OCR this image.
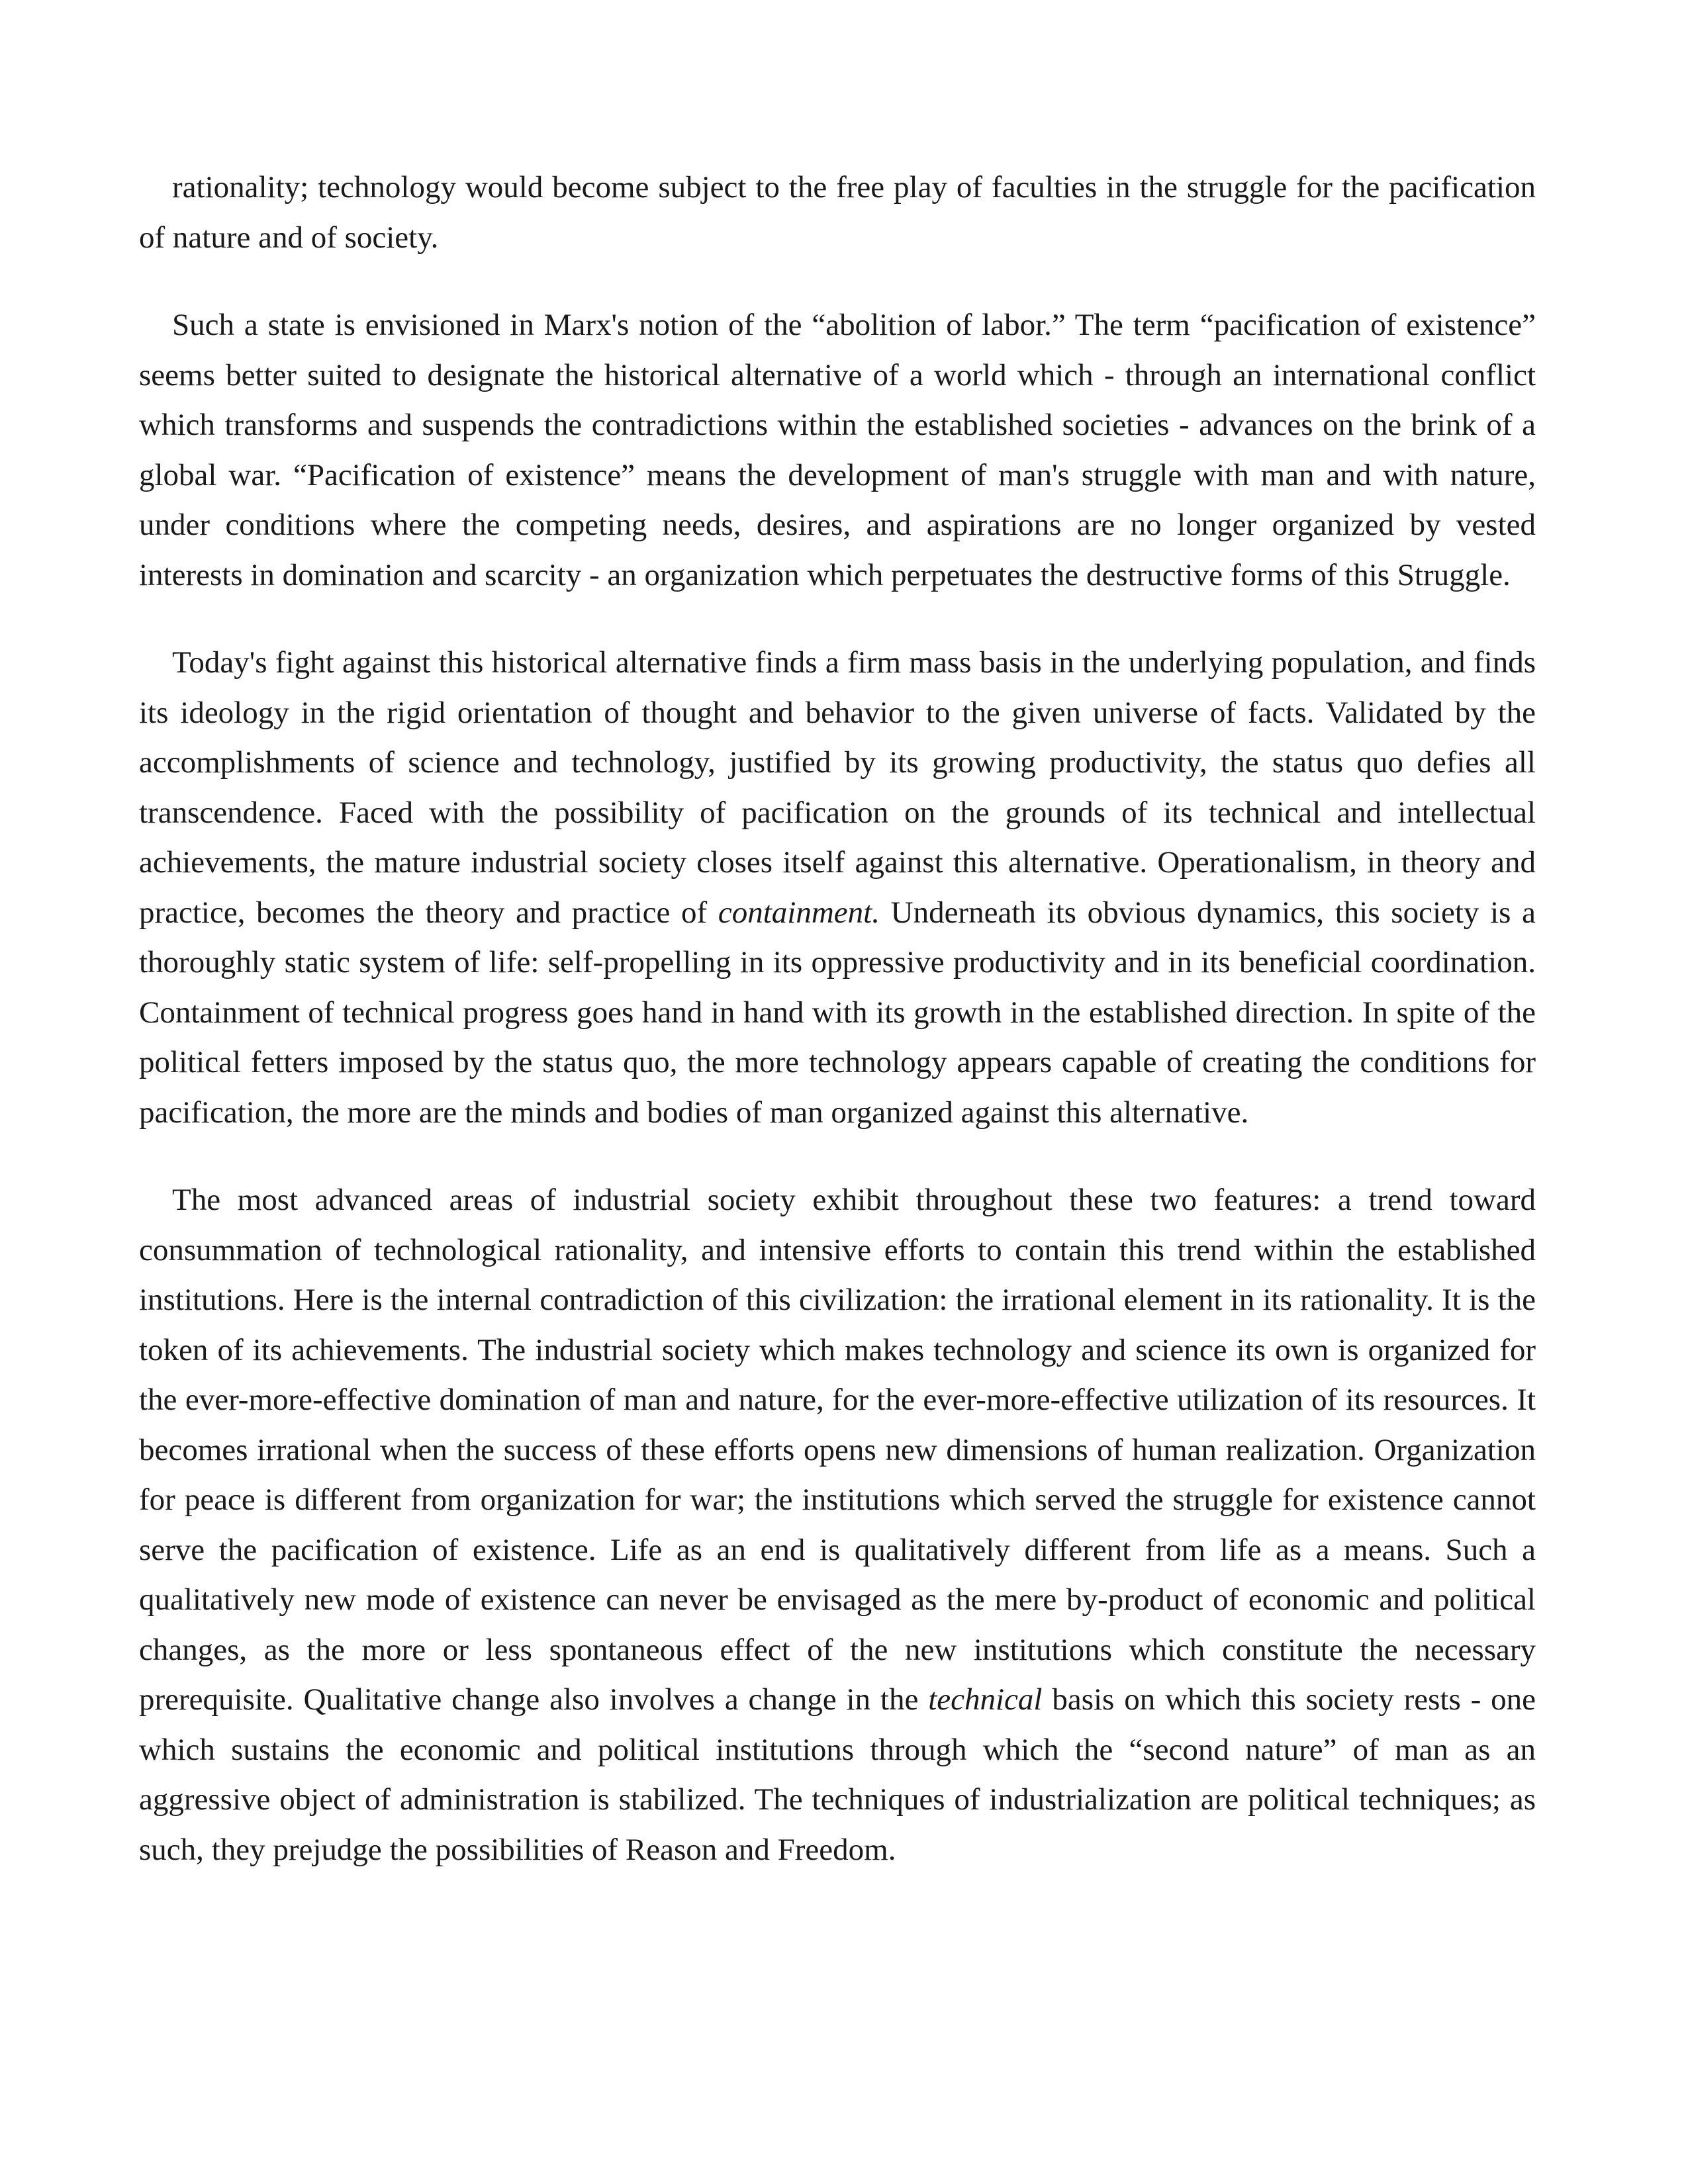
rationality; technology would become subject to the free play of faculties in the struggle for the pacification of nature and of society.

Such a state is envisioned in Marx's notion of the “abolition of labor.” The term “pacification of existence” seems better suited to designate the historical alternative of a world which - through an international conflict which transforms and suspends the contradictions within the established societies - advances on the brink of a global war. “Pacification of existence” means the development of man's struggle with man and with nature, under conditions where the competing needs, desires, and aspirations are no longer organized by vested interests in domination and scarcity - an organization which perpetuates the destructive forms of this Struggle.

Today's fight against this historical alternative finds a firm mass basis in the underlying population, and finds its ideology in the rigid orientation of thought and behavior to the given universe of facts. Validated by the accomplishments of science and technology, justified by its growing productivity, the status quo defies all transcendence. Faced with the possibility of pacification on the grounds of its technical and intellectual achievements, the mature industrial society closes itself against this alternative. Operationalism, in theory and practice, becomes the theory and practice of containment. Underneath its obvious dynamics, this society is a thoroughly static system of life: self-propelling in its oppressive productivity and in its beneficial coordination. Containment of technical progress goes hand in hand with its growth in the established direction. In spite of the political fetters imposed by the status quo, the more technology appears capable of creating the conditions for pacification, the more are the minds and bodies of man organized against this alternative.

The most advanced areas of industrial society exhibit throughout these two features: a trend toward consummation of technological rationality, and intensive efforts to contain this trend within the established institutions. Here is the internal contradiction of this civilization: the irrational element in its rationality. It is the token of its achievements. The industrial society which makes technology and science its own is organized for the ever-more-effective domination of man and nature, for the ever-more-effective utilization of its resources. It becomes irrational when the success of these efforts opens new dimensions of human realization. Organization for peace is different from organization for war; the institutions which served the struggle for existence cannot serve the pacification of existence. Life as an end is qualitatively different from life as a means. Such a qualitatively new mode of existence can never be envisaged as the mere by-product of economic and political changes, as the more or less spontaneous effect of the new institutions which constitute the necessary prerequisite. Qualitative change also involves a change in the technical basis on which this society rests - one which sustains the economic and political institutions through which the “second nature” of man as an aggressive object of administration is stabilized. The techniques of industrialization are political techniques; as such, they prejudge the possibilities of Reason and Freedom.
